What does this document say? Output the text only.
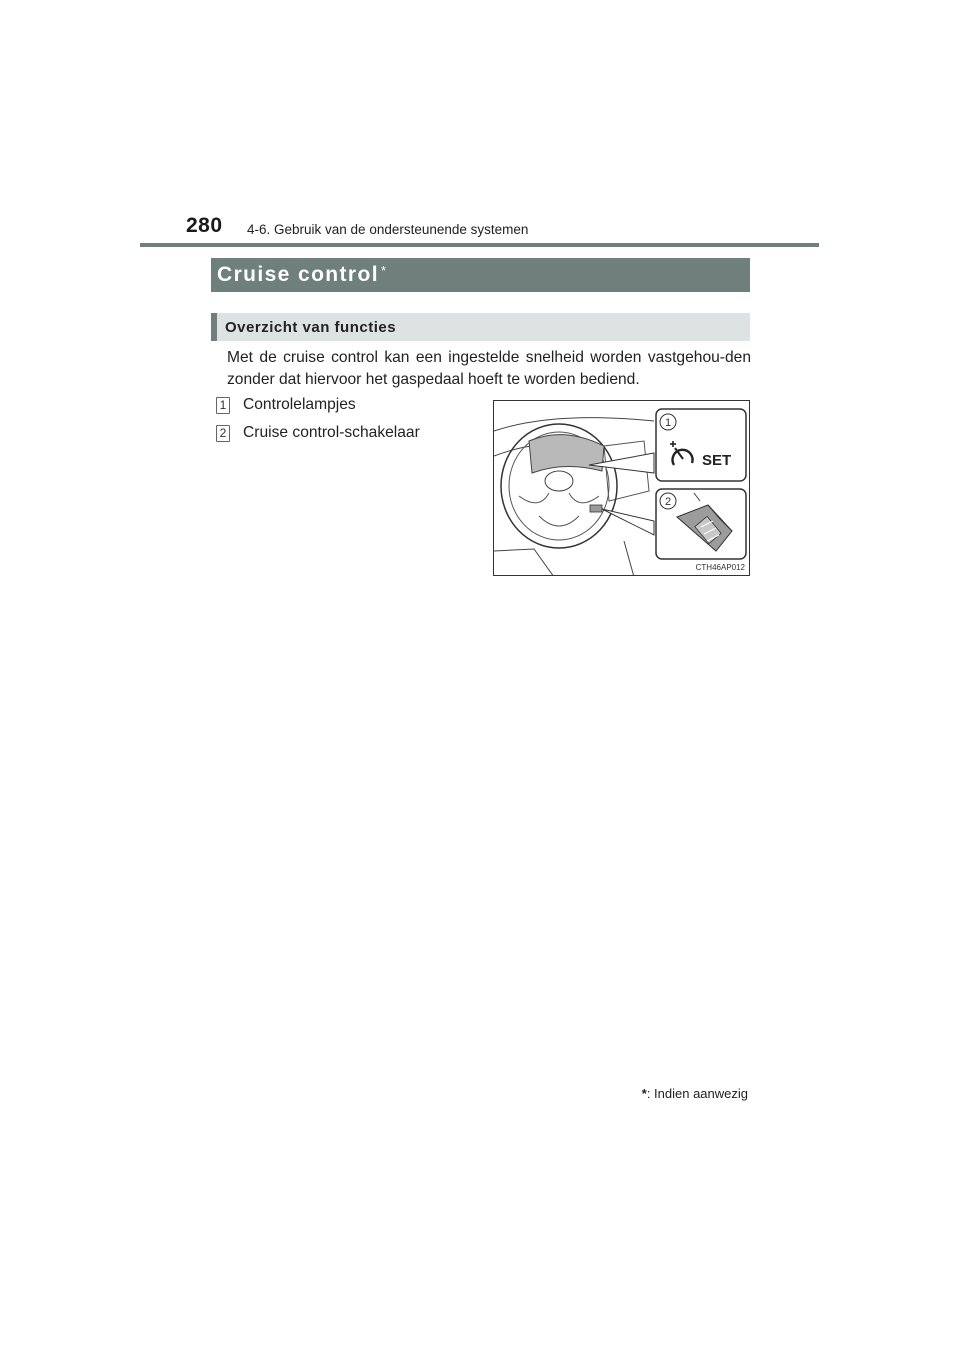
280 4-6. Gebruik van de ondersteunende systemen
Cruise control *
Overzicht van functies
Met de cruise control kan een ingestelde snelheid worden vastgehou-den zonder dat hiervoor het gaspedaal hoeft te worden bediend.
1 Controlelampjes
2 Cruise control-schakelaar
1
SET
2
CTH46AP012
*: Indien aanwezig
